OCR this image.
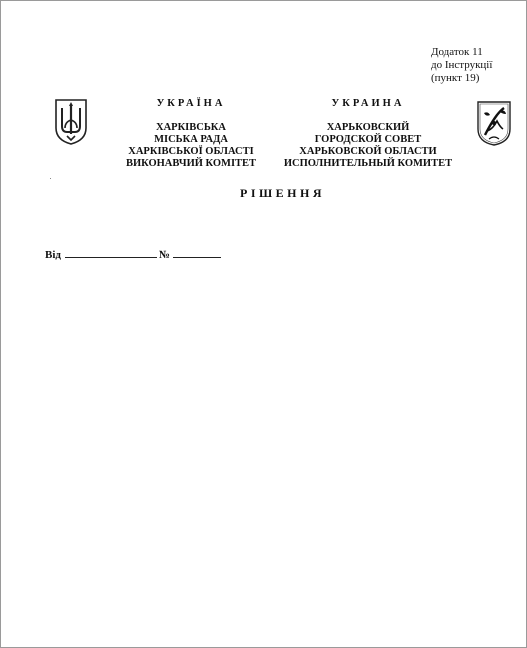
Додаток 11
до Інструкції
(пункт 19)
УКРАЇНА
ХАРКІВСЬКА
МІСЬКА РАДА
ХАРКІВСЬКОЇ ОБЛАСТІ
ВИКОНАВЧИЙ КОМІТЕТ
УКРАИНА
ХАРЬКОВСКИЙ
ГОРОДСКОЙ СОВЕТ
ХАРЬКОВСКОЙ ОБЛАСТИ
ИСПОЛНИТЕЛЬНЫЙ КОМИТЕТ
РІШЕННЯ
Від	№
